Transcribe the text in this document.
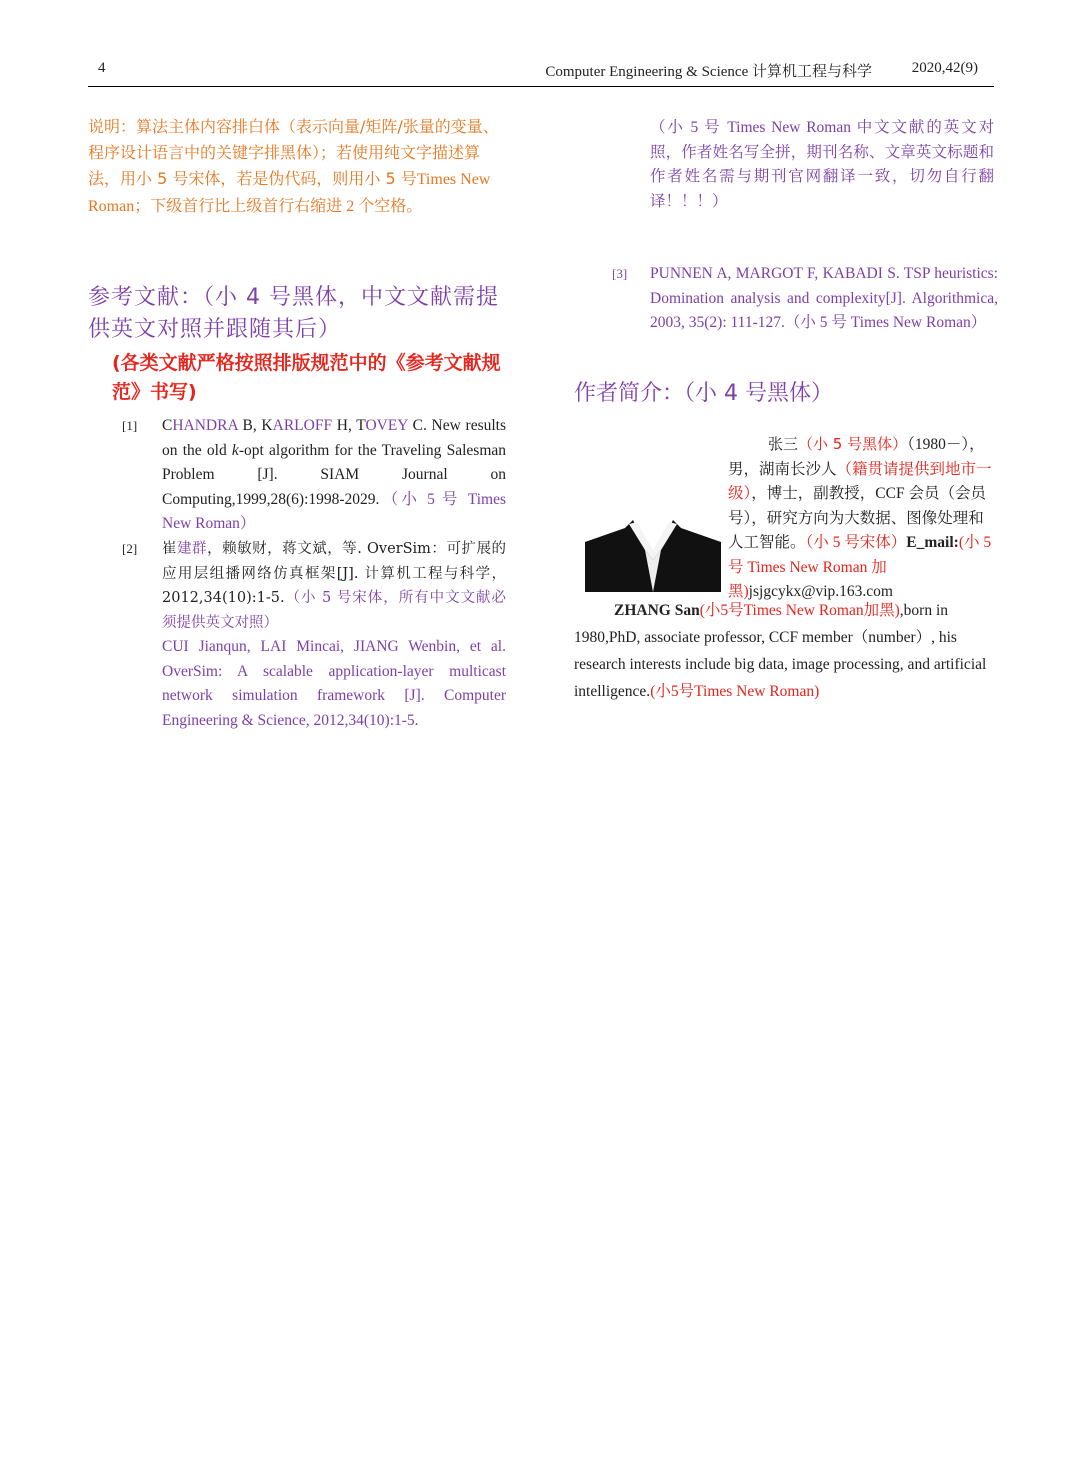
4	Computer Engineering & Science 计算机工程与科学	2020,42(9)
说明：算法主体内容排白体（表示向量/矩阵/张量的变量、程序设计语言中的关键字排黑体）；若使用纯文字描述算法，用小 5 号宋体，若是伪代码，则用小 5 号Times New Roman；下级首行比上级首行右缩进 2 个空格。
参考文献：（小 4 号黑体，中文文献需提供英文对照并跟随其后）
(各类文献严格按照排版规范中的《参考文献规范》书写)
[1] CHANDRA B, KARLOFF H, TOVEY C. New results on the old k-opt algorithm for the Traveling Salesman Problem [J]. SIAM Journal on Computing,1999,28(6):1998-2029.（小 5 号 Times New Roman）
[2] 崔建群，赖敏财，蒋文斌，等. OverSim：可扩展的应用层组播网络仿真框架[J]. 计算机工程与科学，2012,34(10):1-5.（小 5 号宋体，所有中文文献必须提供英文对照）
CUI Jianqun, LAI Mincai, JIANG Wenbin, et al. OverSim: A scalable application-layer multicast network simulation framework [J]. Computer Engineering & Science, 2012,34(10):1-5.
（小 5 号 Times New Roman 中文文献的英文对照，作者姓名写全拼，期刊名称、文章英文标题和作者姓名需与期刊官网翻译一致，切勿自行翻译！！！）
[3] PUNNEN A, MARGOT F, KABADI S. TSP heuristics: Domination analysis and complexity[J]. Algorithmica, 2003, 35(2): 111-127.（小 5 号 Times New Roman）
作者简介：（小 4 号黑体）
张三（小 5 号黑体）（1980－），男，湖南长沙人（籍贯请提供到地市一级），博士，副教授，CCF 会员（会员号），研究方向为大数据、图像处理和人工智能。（小 5 号宋体）E_mail:(小 5 号 Times New Roman 加黑)jsjgcykx@vip.163.com
ZHANG San(小5号Times New Roman加黑),born in 1980,PhD, associate professor, CCF member（number）, his research interests include big data, image processing, and artificial intelligence.(小5号Times New Roman)
